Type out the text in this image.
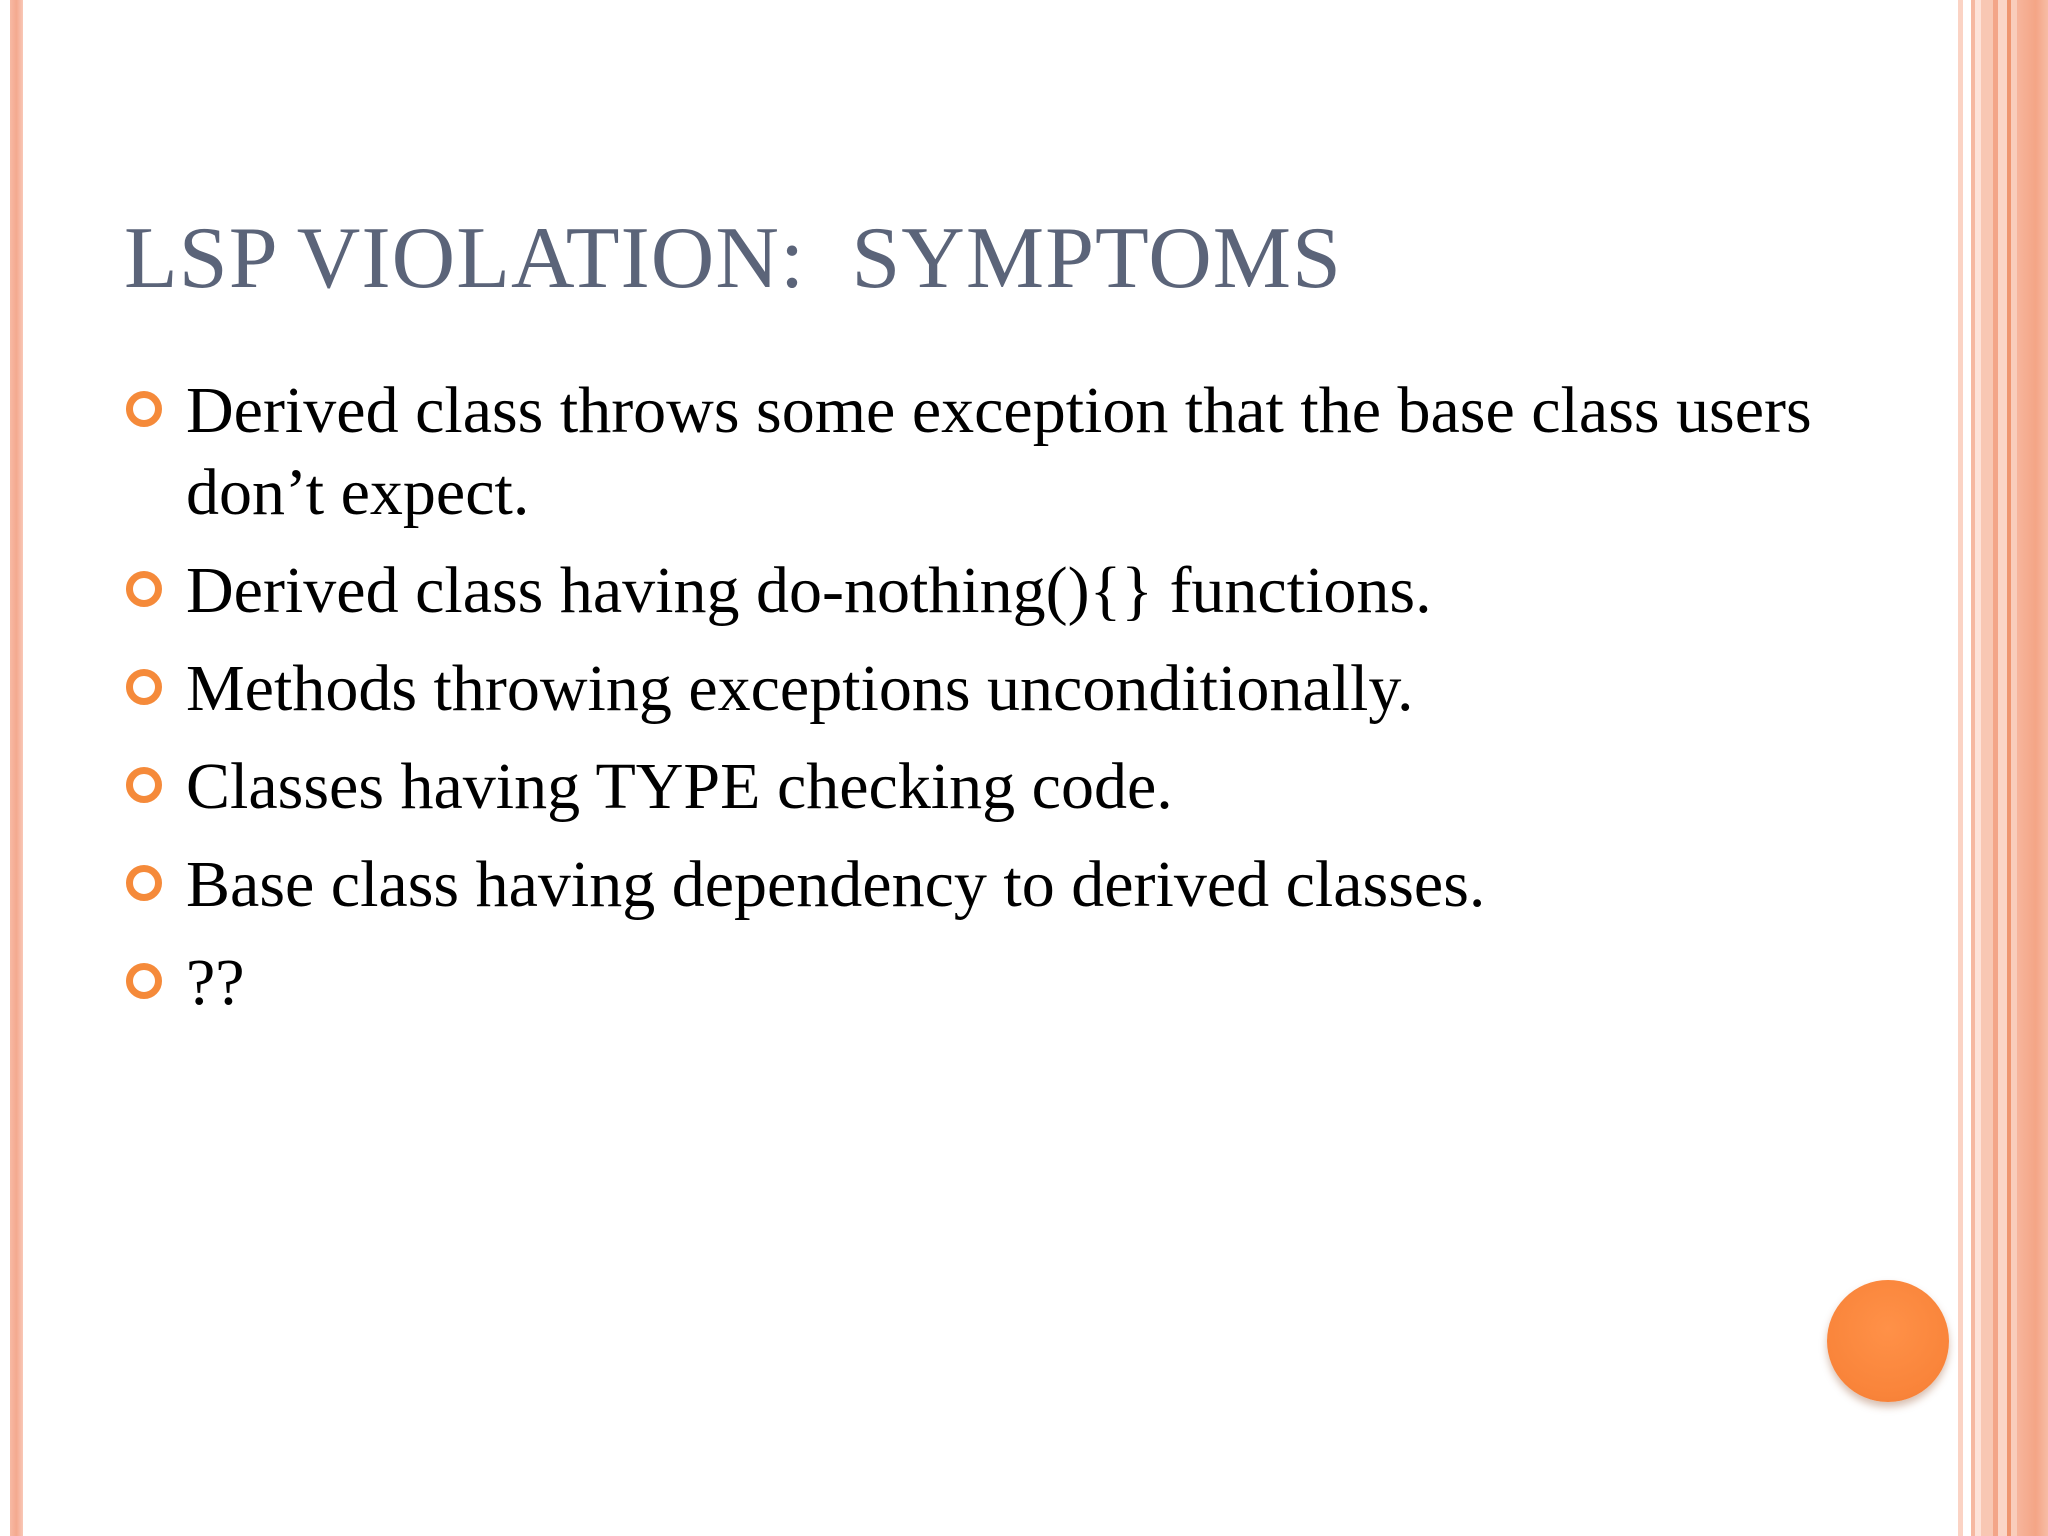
LSP VIOLATION:  SYMPTOMS
Derived class throws some exception that the base class users don’t expect.
Derived class having do-nothing(){} functions.
Methods throwing exceptions unconditionally.
Classes having TYPE checking code.
Base class having dependency to derived classes.
??
